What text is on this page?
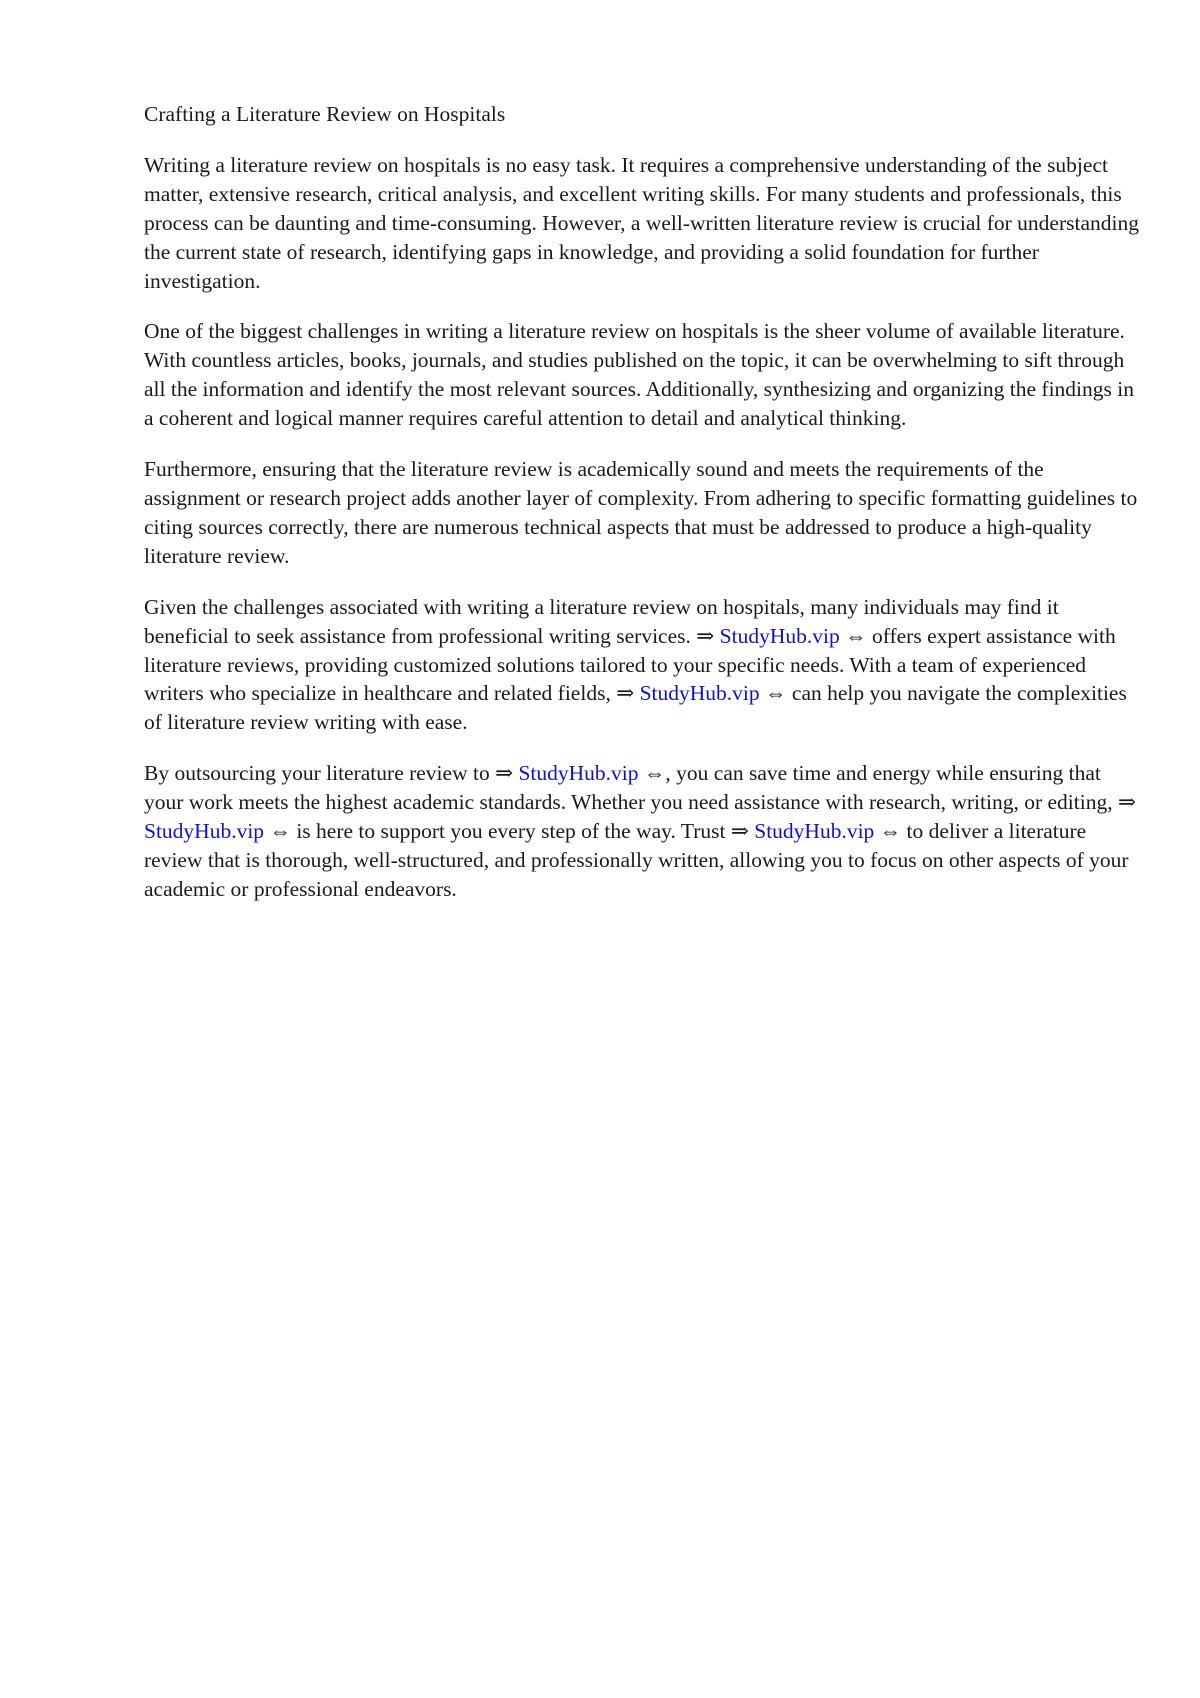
Crafting a Literature Review on Hospitals

Writing a literature review on hospitals is no easy task. It requires a comprehensive understanding of the subject matter, extensive research, critical analysis, and excellent writing skills. For many students and professionals, this process can be daunting and time-consuming. However, a well-written literature review is crucial for understanding the current state of research, identifying gaps in knowledge, and providing a solid foundation for further investigation.

One of the biggest challenges in writing a literature review on hospitals is the sheer volume of available literature. With countless articles, books, journals, and studies published on the topic, it can be overwhelming to sift through all the information and identify the most relevant sources. Additionally, synthesizing and organizing the findings in a coherent and logical manner requires careful attention to detail and analytical thinking.

Furthermore, ensuring that the literature review is academically sound and meets the requirements of the assignment or research project adds another layer of complexity. From adhering to specific formatting guidelines to citing sources correctly, there are numerous technical aspects that must be addressed to produce a high-quality literature review.

Given the challenges associated with writing a literature review on hospitals, many individuals may find it beneficial to seek assistance from professional writing services. ⇒ StudyHub.vip ⇔ offers expert assistance with literature reviews, providing customized solutions tailored to your specific needs. With a team of experienced writers who specialize in healthcare and related fields, ⇒ StudyHub.vip ⇔ can help you navigate the complexities of literature review writing with ease.

By outsourcing your literature review to ⇒ StudyHub.vip ⇔, you can save time and energy while ensuring that your work meets the highest academic standards. Whether you need assistance with research, writing, or editing, ⇒ StudyHub.vip ⇔ is here to support you every step of the way. Trust ⇒ StudyHub.vip ⇔ to deliver a literature review that is thorough, well-structured, and professionally written, allowing you to focus on other aspects of your academic or professional endeavors.
